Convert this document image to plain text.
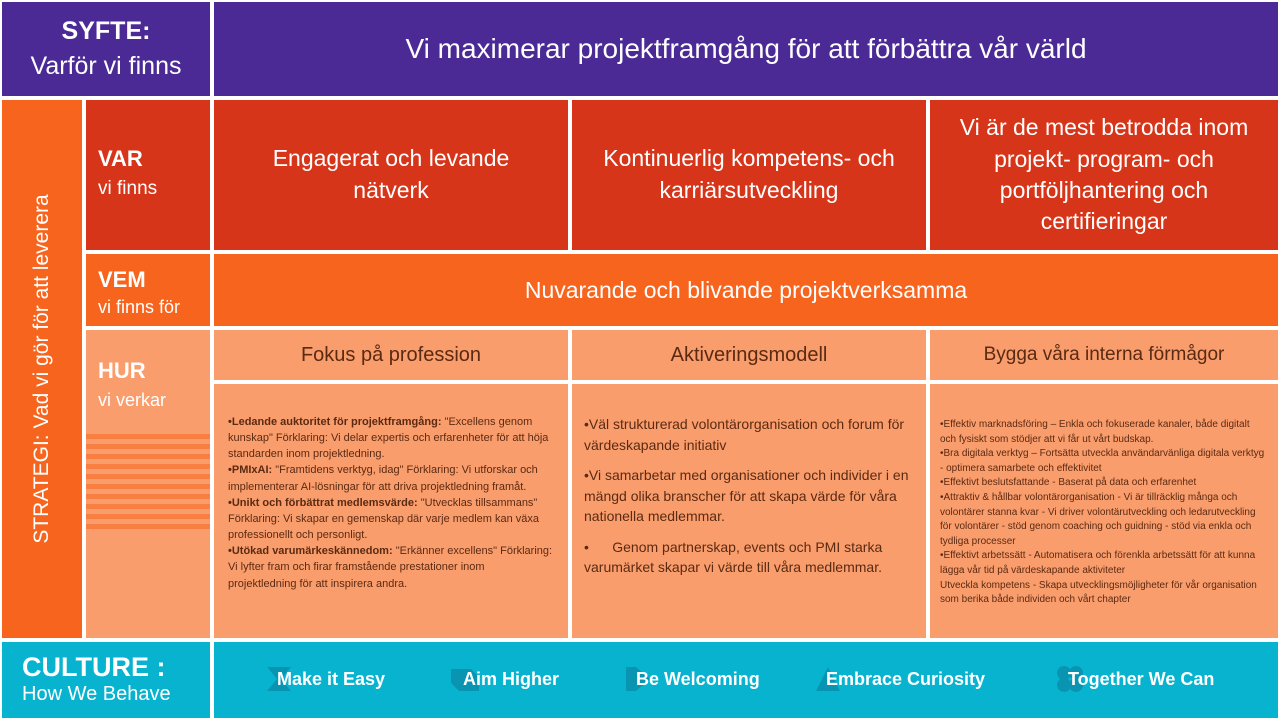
SYFTE:
Varför vi finns
Vi maximerar projektframgång för att förbättra vår värld
STRATEGI: Vad vi gör för att leverera
VAR
vi finns
Engagerat och levande nätverk
Kontinuerlig kompetens- och karriärsutveckling
Vi är de mest betrodda inom projekt- program- och portföljhantering och certifieringar
VEM
vi finns för
Nuvarande och blivande projektverksamma
HUR
vi verkar
Fokus på profession	Aktiveringsmodell	Bygga våra interna förmågor

•Ledande auktoritet för projektframgång: "Excellens genom kunskap" Förklaring: Vi delar expertis och erfarenheter för att höja standarden inom projektledning.

•PMIxAI: "Framtidens verktyg, idag" Förklaring: Vi utforskar och implementerar AI-lösningar för att driva projektledning framåt.

•Unikt och förbättrat medlemsvärde: "Utvecklas tillsammans" Förklaring: Vi skapar en gemenskap där varje medlem kan växa professionellt och personligt.

•Utökad varumärkeskännedom: "Erkänner excellens" Förklaring: Vi lyfter fram och firar framstående prestationer inom projektledning för att inspirera andra.

•Väl strukturerad volontärorganisation och forum för värdeskapande initiativ

•Vi samarbetar med organisationer och individer i en mängd olika branscher för att skapa värde för våra nationella medlemmar.

•      Genom partnerskap, events och PMI starka varumärket skapar vi värde till våra medlemmar.

•Effektiv marknadsföring – Enkla och fokuserade kanaler, både digitalt och fysiskt som stödjer att vi får ut vårt budskap.

•Bra digitala verktyg – Fortsätta utveckla användarvänliga digitala verktyg - optimera samarbete och effektivitet

•Effektivt beslutsfattande - Baserat på data och erfarenhet

•Attraktiv & hållbar volontärorganisation - Vi är tillräcklig många och volontärer stanna kvar - Vi driver volontärutveckling och ledarutveckling för volontärer - stöd genom coaching och guidning - stöd via enkla och tydliga processer

•Effektivt arbetssätt - Automatisera och förenkla arbetssätt för att kunna lägga vår tid på värdeskapande aktiviteter

Utveckla kompetens - Skapa utvecklingsmöjligheter för vår organisation som berika både individen och vårt chapter

CULTURE :
How We Behave
Make it Easy	Aim Higher	Be Welcoming	Embrace Curiosity	Together We Can
